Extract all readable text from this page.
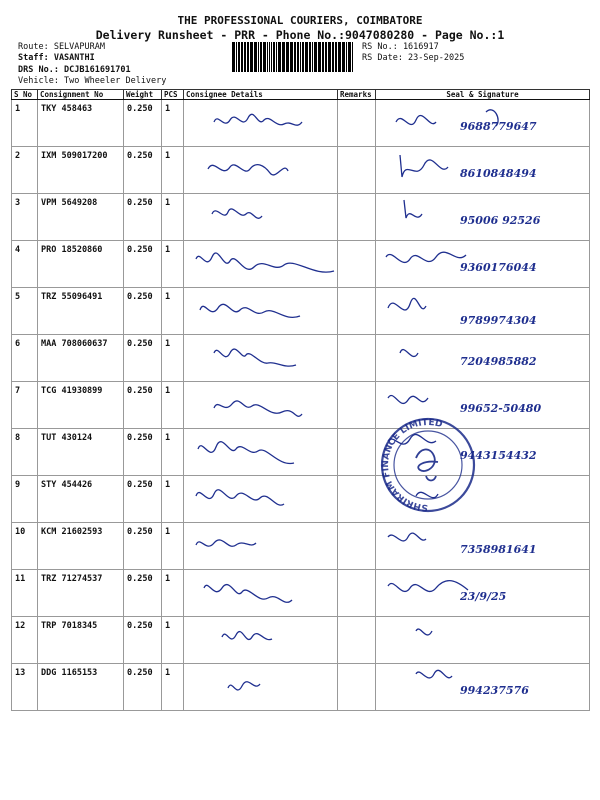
THE PROFESSIONAL COURIERS, COIMBATORE
Delivery Runsheet - PRR - Phone No.:9047080280 - Page No.:1
Route: SELVAPURAM
Staff: VASANTHI
DRS No.: DCJB161691701
Vehicle: Two Wheeler Delivery
RS No.: 1616917
RS Date: 23-Sep-2025
S No	Consignment No	Weight	PCS	Consignee Details	Remarks	Seal & Signature
1	TKY 458463	0.250	1			9688779647

2	IXM 509017200	0.250	1			8610848494

3	VPM 5649208	0.250	1			95006 92526

4	PRO 18520860	0.250	1			9360176044

5	TRZ 55096491	0.250	1			9789974304

6	MAA 708060637	0.250	1			7204985882

7	TCG 41930899	0.250	1			99652-50480

8	TUT 430124	0.250	1			9443154432

9	STY 454426	0.250	1	

10	KCM 21602593	0.250	1			7358981641

11	TRZ 71274537	0.250	1			23/9/25

12	TRP 7018345	0.250	1	

13	DDG 1165153	0.250	1			994237576
SHRIRAM FINANCE LIMITED
